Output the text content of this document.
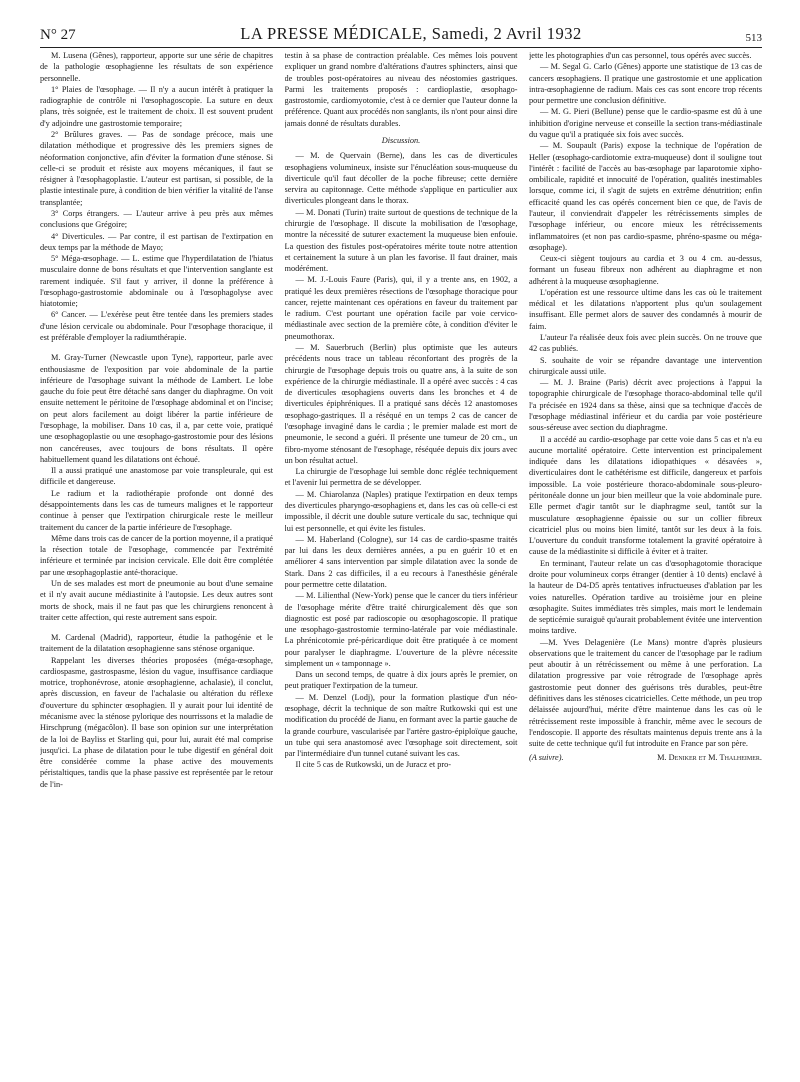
N° 27	LA PRESSE MÉDICALE, Samedi, 2 Avril 1932	513

M. Lusena (Gênes), rapporteur, apporte sur une série de chapitres de la pathologie œsophagienne les résultats de son expérience personnelle.

1° Plaies de l'œsophage. — Il n'y a aucun intérêt à pratiquer la radiographie de contrôle ni l'œsophagoscopie. La suture en deux plans, très soignée, est le traitement de choix. Il est souvent prudent d'y adjoindre une gastrostomie temporaire;

2° Brûlures graves. — Pas de sondage précoce, mais une dilatation méthodique et progressive dès les premiers signes de néoformation conjonctive, afin d'éviter la formation d'une sténose. Si celle-ci se produit et résiste aux moyens mécaniques, il faut se résigner à l'œsophagoplastie. L'auteur est partisan, si possible, de la plastie intestinale pure, à condition de bien vérifier la vitalité de l'anse transplantée;

3° Corps étrangers. — L'auteur arrive à peu près aux mêmes conclusions que Grégoire;

4° Diverticules. — Par contre, il est partisan de l'extirpation en deux temps par la méthode de Mayo;

5° Méga-œsophage. — L. estime que l'hyperdilatation de l'hiatus musculaire donne de bons résultats et que l'intervention sanglante est rarement indiquée. S'il faut y arriver, il donne la préférence à l'œsophago-gastrostomie abdominale ou à l'œsophagolyse avec hiatotomie;

6° Cancer. — L'exérèse peut être tentée dans les premiers stades d'une lésion cervicale ou abdominale. Pour l'œsophage thoracique, il est préférable d'employer la radiumthérapie.

M. Gray-Turner (Newcastle upon Tyne), rapporteur, parle avec enthousiasme de l'exposition par voie abdominale de la partie inférieure de l'œsophage suivant la méthode de Lambert. Le lobe gauche du foie peut être détaché sans danger du diaphragme. On voit ensuite nettement le péritoine de l'œsophage abdominal et on l'incise; on peut alors facilement au doigt libérer la partie inférieure de l'œsophage, la mobiliser. Dans 10 cas, il a, par cette voie, pratiqué une œsophagoplastie ou une œsophago-gastrostomie pour des lésions non cancéreuses, avec toujours de bons résultats. Il opère habituellement quand les dilatations ont échoué.

Il a aussi pratiqué une anastomose par voie transpleurale, qui est difficile et dangereuse.

Le radium et la radiothérapie profonde ont donné des désappointements dans les cas de tumeurs malignes et le rapporteur continue à penser que l'extirpation chirurgicale reste le meilleur traitement du cancer de la partie inférieure de l'œsophage.

Même dans trois cas de cancer de la portion moyenne, il a pratiqué la résection totale de l'œsophage, commencée par l'extrémité inférieure et terminée par incision cervicale. Elle doit être complétée par une œsophagoplastie anté-thoracique.

Un de ses malades est mort de pneumonie au bout d'une semaine et il n'y avait aucune médiastinite à l'autopsie. Les deux autres sont morts de shock, mais il ne faut pas que les chirurgiens renoncent à traiter cette affection, qui reste autrement sans espoir.

M. Cardenal (Madrid), rapporteur, étudie la pathogénie et le traitement de la dilatation œsophagienne sans sténose organique.

Rappelant les diverses théories proposées (méga-œsophage, cardiospasme, gastrospasme, lésion du vague, insuffisance cardiaque motrice, trophonévrose, atonie œsophagienne, achalasie), il conclut, après discussion, en faveur de l'achalasie ou altération du réflexe d'ouverture du sphincter œsophagien. Il y aurait pour lui identité de mécanisme avec la sténose pylorique des nourrissons et la maladie de Hirschprung (mégacôlon). Il base son opinion sur une interprétation de la loi de Bayliss et Starling qui, pour lui, aurait été mal comprise jusqu'ici. La phase de dilatation pour le tube digestif en général doit être considérée comme la phase active des mouvements péristaltiques, tandis que la phase passive est représentée par le retour de l'in-

testin à sa phase de contraction préalable. Ces mêmes lois pouvent expliquer un grand nombre d'altérations d'autres sphincters, ainsi que de troubles post-opératoires au niveau des néostomies gastriques. Parmi les traitements proposés : cardioplastie, œsophago-gastrostomie, cardiomyotomie, c'est à ce dernier que l'auteur donne la préférence. Quant aux procédés non sanglants, ils n'ont pour ainsi dire jamais donné de résultats durables.

Discussion.

— M. de Quervain (Berne), dans les cas de diverticules œsophagiens volumineux, insiste sur l'énucléation sous-muqueuse du diverticule qu'il faut décoller de la poche fibreuse; cette dernière servira au capitonnage. Cette méthode s'applique en particulier aux diverticules plongeant dans le thorax.

— M. Donati (Turin) traite surtout de questions de technique de la chirurgie de l'œsophage. Il discute la mobilisation de l'œsophage, montre la nécessité de suturer exactement la muqueuse bien enfouie. La question des fistules post-opératoires mérite toute notre attention et certainement la suture à un plan les favorise. Il faut drainer, mais modérément.

— M. J.-Louis Faure (Paris), qui, il y a trente ans, en 1902, a pratiqué les deux premières résections de l'œsophage thoracique pour cancer, rejette maintenant ces opérations en faveur du traitement par le radium. C'est pourtant une opération facile par voie cervico-médiastinale avec section de la première côte, à condition d'éviter le pneumothorax.

— M. Sauerbruch (Berlin) plus optimiste que les auteurs précédents nous trace un tableau réconfortant des progrès de la chirurgie de l'œsophage depuis trois ou quatre ans, à la suite de son expérience de la chirurgie médiastinale. Il a opéré avec succès : 4 cas de diverticules œsophagiens ouverts dans les bronches et 4 de diverticules épiphréniques. Il a pratiqué sans décès 12 anastomoses œsophago-gastriques. Il a réséqué en un temps 2 cas de cancer de l'œsophage invaginé dans le cardia ; le premier malade est mort de pneumonie, le second a guéri. Il présente une tumeur de 20 cm., un fibro-myome sténosant de l'œsophage, réséquée depuis dix jours avec un bon résultat actuel.

La chirurgie de l'œsophage lui semble donc réglée techniquement et l'avenir lui permettra de se développer.

— M. Chiarolanza (Naples) pratique l'extirpation en deux temps des diverticules pharyngo-œsophagiens et, dans les cas où celle-ci est impossible, il décrit une double suture verticale du sac, technique qui lui est personnelle, et qui évite les fistules.

— M. Haberland (Cologne), sur 14 cas de cardio-spasme traités par lui dans les deux dernières années, a pu en guérir 10 et en améliorer 4 sans intervention par simple dilatation avec la sonde de Stark. Dans 2 cas difficiles, il a eu recours à l'anesthésie générale pour permettre cette dilatation.

— M. Lilienthal (New-York) pense que le cancer du tiers inférieur de l'œsophage mérite d'être traité chirurgicalement dès que son diagnostic est posé par radioscopie ou œsophagoscopie. Il pratique une œsophago-gastrostomie termino-latérale par voie médiastinale. La phrénicotomie pré-péricardique doit être pratiquée à ce moment pour paralyser le diaphragme. L'ouverture de la plèvre nécessite simplement un « tamponnage ».

Dans un second temps, de quatre à dix jours après le premier, on peut pratiquer l'extirpation de la tumeur.

— M. Denzel (Lodj), pour la formation plastique d'un néo-œsophage, décrit la technique de son maître Rutkowski qui est une modification du procédé de Jianu, en formant avec la partie gauche de la grande courbure, vascularisée par l'artère gastro-épiploïque gauche, un tube qui sera anastomosé avec l'œsophage soit directement, soit par l'intermédiaire d'un tunnel cutané suivant les cas.

Il cite 5 cas de Rutkowski, un de Juracz et pro-

jette les photographies d'un cas personnel, tous opérés avec succès.

— M. Segal G. Carlo (Gênes) apporte une statistique de 13 cas de cancers œsophagiens. Il pratique une gastrostomie et une application intra-œsophagienne de radium. Mais ces cas sont encore trop récents pour permettre une conclusion définitive.

— M. G. Pieri (Bellune) pense que le cardio-spasme est dû à une inhibition d'origine nerveuse et conseille la section trans-médiastinale du vague qu'il a pratiquée six fois avec succès.

— M. Soupault (Paris) expose la technique de l'opération de Heller (œsophago-cardiotomie extra-muqueuse) dont il souligne tout l'intérêt : facilité de l'accès au bas-œsophage par laparotomie xipho-ombilicale, rapidité et innocuité de l'opération, qualités inestimables lorsque, comme ici, il s'agit de sujets en extrême dénutrition; enfin efficacité quand les cas opérés concernent bien ce que, de l'avis de l'auteur, il conviendrait d'appeler les rétrécissements simples de l'œsophage inférieur, ou encore mieux les rétrécissements inflammatoires (et non pas cardio-spasme, phréno-spasme ou méga-œsophage).

Ceux-ci siègent toujours au cardia et 3 ou 4 cm. au-dessus, formant un fuseau fibreux non adhérent au diaphragme et non adhérent à la muqueuse œsophagienne.

L'opération est une ressource ultime dans les cas où le traitement médical et les dilatations n'apportent plus qu'un soulagement insuffisant. Elle permet alors de sauver des condamnés à mourir de faim.

L'auteur l'a réalisée deux fois avec plein succès. On ne trouve que 42 cas publiés.

S. souhaite de voir se répandre davantage une intervention chirurgicale aussi utile.

— M. J. Braine (Paris) décrit avec projections à l'appui la topographie chirurgicale de l'œsophage thoraco-abdominal telle qu'il l'a précisée en 1924 dans sa thèse, ainsi que sa technique d'accès de l'œsophage médiastinal inférieur et du cardia par voie postérieure sous-séreuse avec section du diaphragme.

Il a accédé au cardio-œsophage par cette voie dans 5 cas et n'a eu aucune mortalité opératoire. Cette intervention est principalement indiquée dans les dilatations idiopathiques « désavées », diverticulaires dont le cathétérisme est difficile, dangereux et parfois impossible. La voie postérieure thoraco-abdominale sous-pleuro-péritonéale donne un jour bien meilleur que la voie abdominale pure. Elle permet d'agir tantôt sur le diaphragme seul, tantôt sur la musculature œsophagienne épaissie ou sur un collier fibreux cicatriciel plus ou moins bien limité, tantôt sur les deux à la fois. L'ouverture du conduit transforme totalement la gravité opératoire à cause de la médiastinite si difficile à éviter et à traiter.

En terminant, l'auteur relate un cas d'œsophagotomie thoracique droite pour volumineux corps étranger (dentier à 10 dents) enclavé à la hauteur de D4-D5 après tentatives infructueuses d'ablation par les voies naturelles. Opération tardive au troisième jour en pleine œsophagite. Suites immédiates très simples, mais mort le lendemain de septicémie suraiguë qu'aurait probablement évitée une intervention moins tardive.

—M. Yves Delagenière (Le Mans) montre d'après plusieurs observations que le traitement du cancer de l'œsophage par le radium peut aboutir à un rétrécissement ou même à une perforation. La dilatation progressive par voie rétrograde de l'œsophage après gastrostomie peut donner des guérisons très durables, peut-être définitives dans les sténoses cicatricielles. Cette méthode, un peu trop délaissée aujourd'hui, mérite d'être maintenue dans les cas où le rétrécissement reste impossible à franchir, même avec le secours de l'endoscopie. Il apporte des résultats maintenus depuis trente ans à la suite de cette technique qu'il fut introduite en France par son père.

(A suivre).	M. Deniker et M. Thalheimer.
